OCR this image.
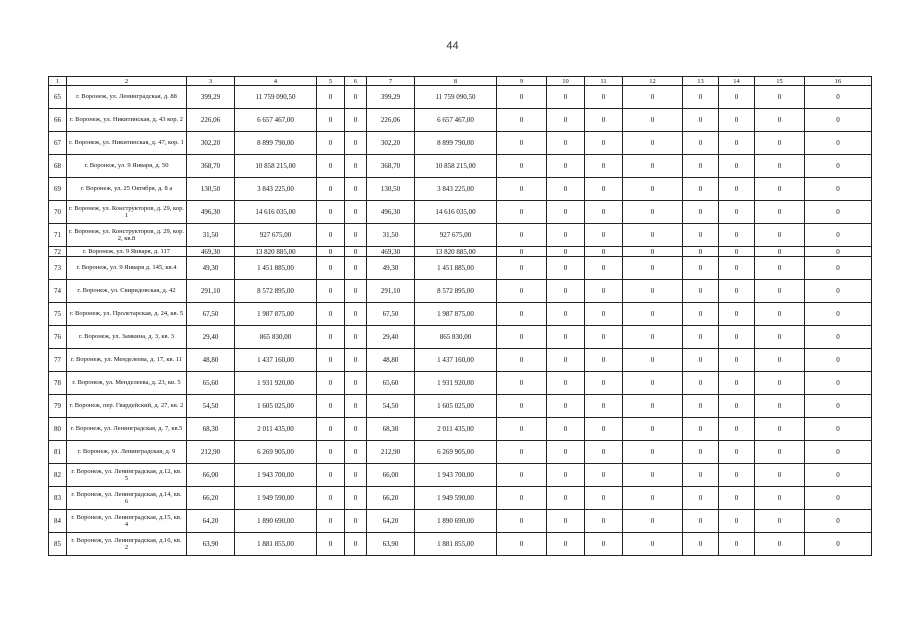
44
1	2	3	4	5	6	7	8	9	10	11	12	13	14	15	16
65	г. Воронеж, ул. Ленинградская, д. 88	399,29	11 759 090,50	0	0	399,29	11 759 090,50	0	0	0	0	0	0	0	0
66	г. Воронеж, ул. Никитинская, д. 43 кор. 2	226,06	6 657 467,00	0	0	226,06	6 657 467,00	0	0	0	0	0	0	0	0
67	г. Воронеж, ул. Никитинская, д. 47, кор. 1	302,20	8 899 790,00	0	0	302,20	8 899 790,00	0	0	0	0	0	0	0	0
68	г. Воронеж, ул. 9 Января, д. 50	368,70	10 858 215,00	0	0	368,70	10 858 215,00	0	0	0	0	0	0	0	0
69	г. Воронеж, ул. 25 Октября, д. 8 а	130,50	3 843 225,00	0	0	130,50	3 843 225,00	0	0	0	0	0	0	0	0
70	г. Воронеж, ул. Конструкторов, д. 29, кор. 1	496,30	14 616 035,00	0	0	496,30	14 616 035,00	0	0	0	0	0	0	0	0
71	г. Воронеж, ул. Конструкторов, д. 29, кор. 2, кв.8	31,50	927 675,00	0	0	31,50	927 675,00	0	0	0	0	0	0	0	0
72	г. Воронеж, ул. 9 Января, д. 117	469,30	13 820 885,00	0	0	469,30	13 820 885,00	0	0	0	0	0	0	0	0
73	г. Воронеж, ул. 9 Января д. 145, кв.4	49,30	1 451 885,00	0	0	49,30	1 451 885,00	0	0	0	0	0	0	0	0
74	г. Воронеж, ул. Свиридовская, д. 42	291,10	8 572 895,00	0	0	291,10	8 572 895,00	0	0	0	0	0	0	0	0
75	г. Воронеж, ул. Пролетарская, д. 24, кв. 5	67,50	1 987 875,00	0	0	67,50	1 987 875,00	0	0	0	0	0	0	0	0
76	г. Воронеж, ул. Замкина, д. 3, кв. 3	29,40	865 830,00	0	0	29,40	865 830,00	0	0	0	0	0	0	0	0
77	г. Воронеж, ул. Менделеева, д. 17, кв. 11	48,80	1 437 160,00	0	0	48,80	1 437 160,00	0	0	0	0	0	0	0	0
78	г. Воронеж, ул. Менделеева, д. 23, кв. 5	65,60	1 931 920,00	0	0	65,60	1 931 920,00	0	0	0	0	0	0	0	0
79	г. Воронеж, пер. Гвардейский, д. 27, кв. 2	54,50	1 605 025,00	0	0	54,50	1 605 025,00	0	0	0	0	0	0	0	0
80	г. Воронеж, ул. Ленинградская, д. 7, кв.5	68,30	2 011 435,00	0	0	68,30	2 011 435,00	0	0	0	0	0	0	0	0
81	г. Воронеж, ул. Ленинградская, д. 9	212,90	6 269 905,00	0	0	212,90	6 269 905,00	0	0	0	0	0	0	0	0
82	г. Воронеж, ул. Ленинградская, д.12, кв. 5	66,00	1 943 700,00	0	0	66,00	1 943 700,00	0	0	0	0	0	0	0	0
83	г. Воронеж, ул. Ленинградская, д.14, кв. 6	66,20	1 949 590,00	0	0	66,20	1 949 590,00	0	0	0	0	0	0	0	0
84	г. Воронеж, ул. Ленинградская, д.15, кв. 4	64,20	1 890 690,00	0	0	64,20	1 890 690,00	0	0	0	0	0	0	0	0
85	г. Воронеж, ул. Ленинградская, д.16, кв. 2	63,90	1 881 855,00	0	0	63,90	1 881 855,00	0	0	0	0	0	0	0	0
